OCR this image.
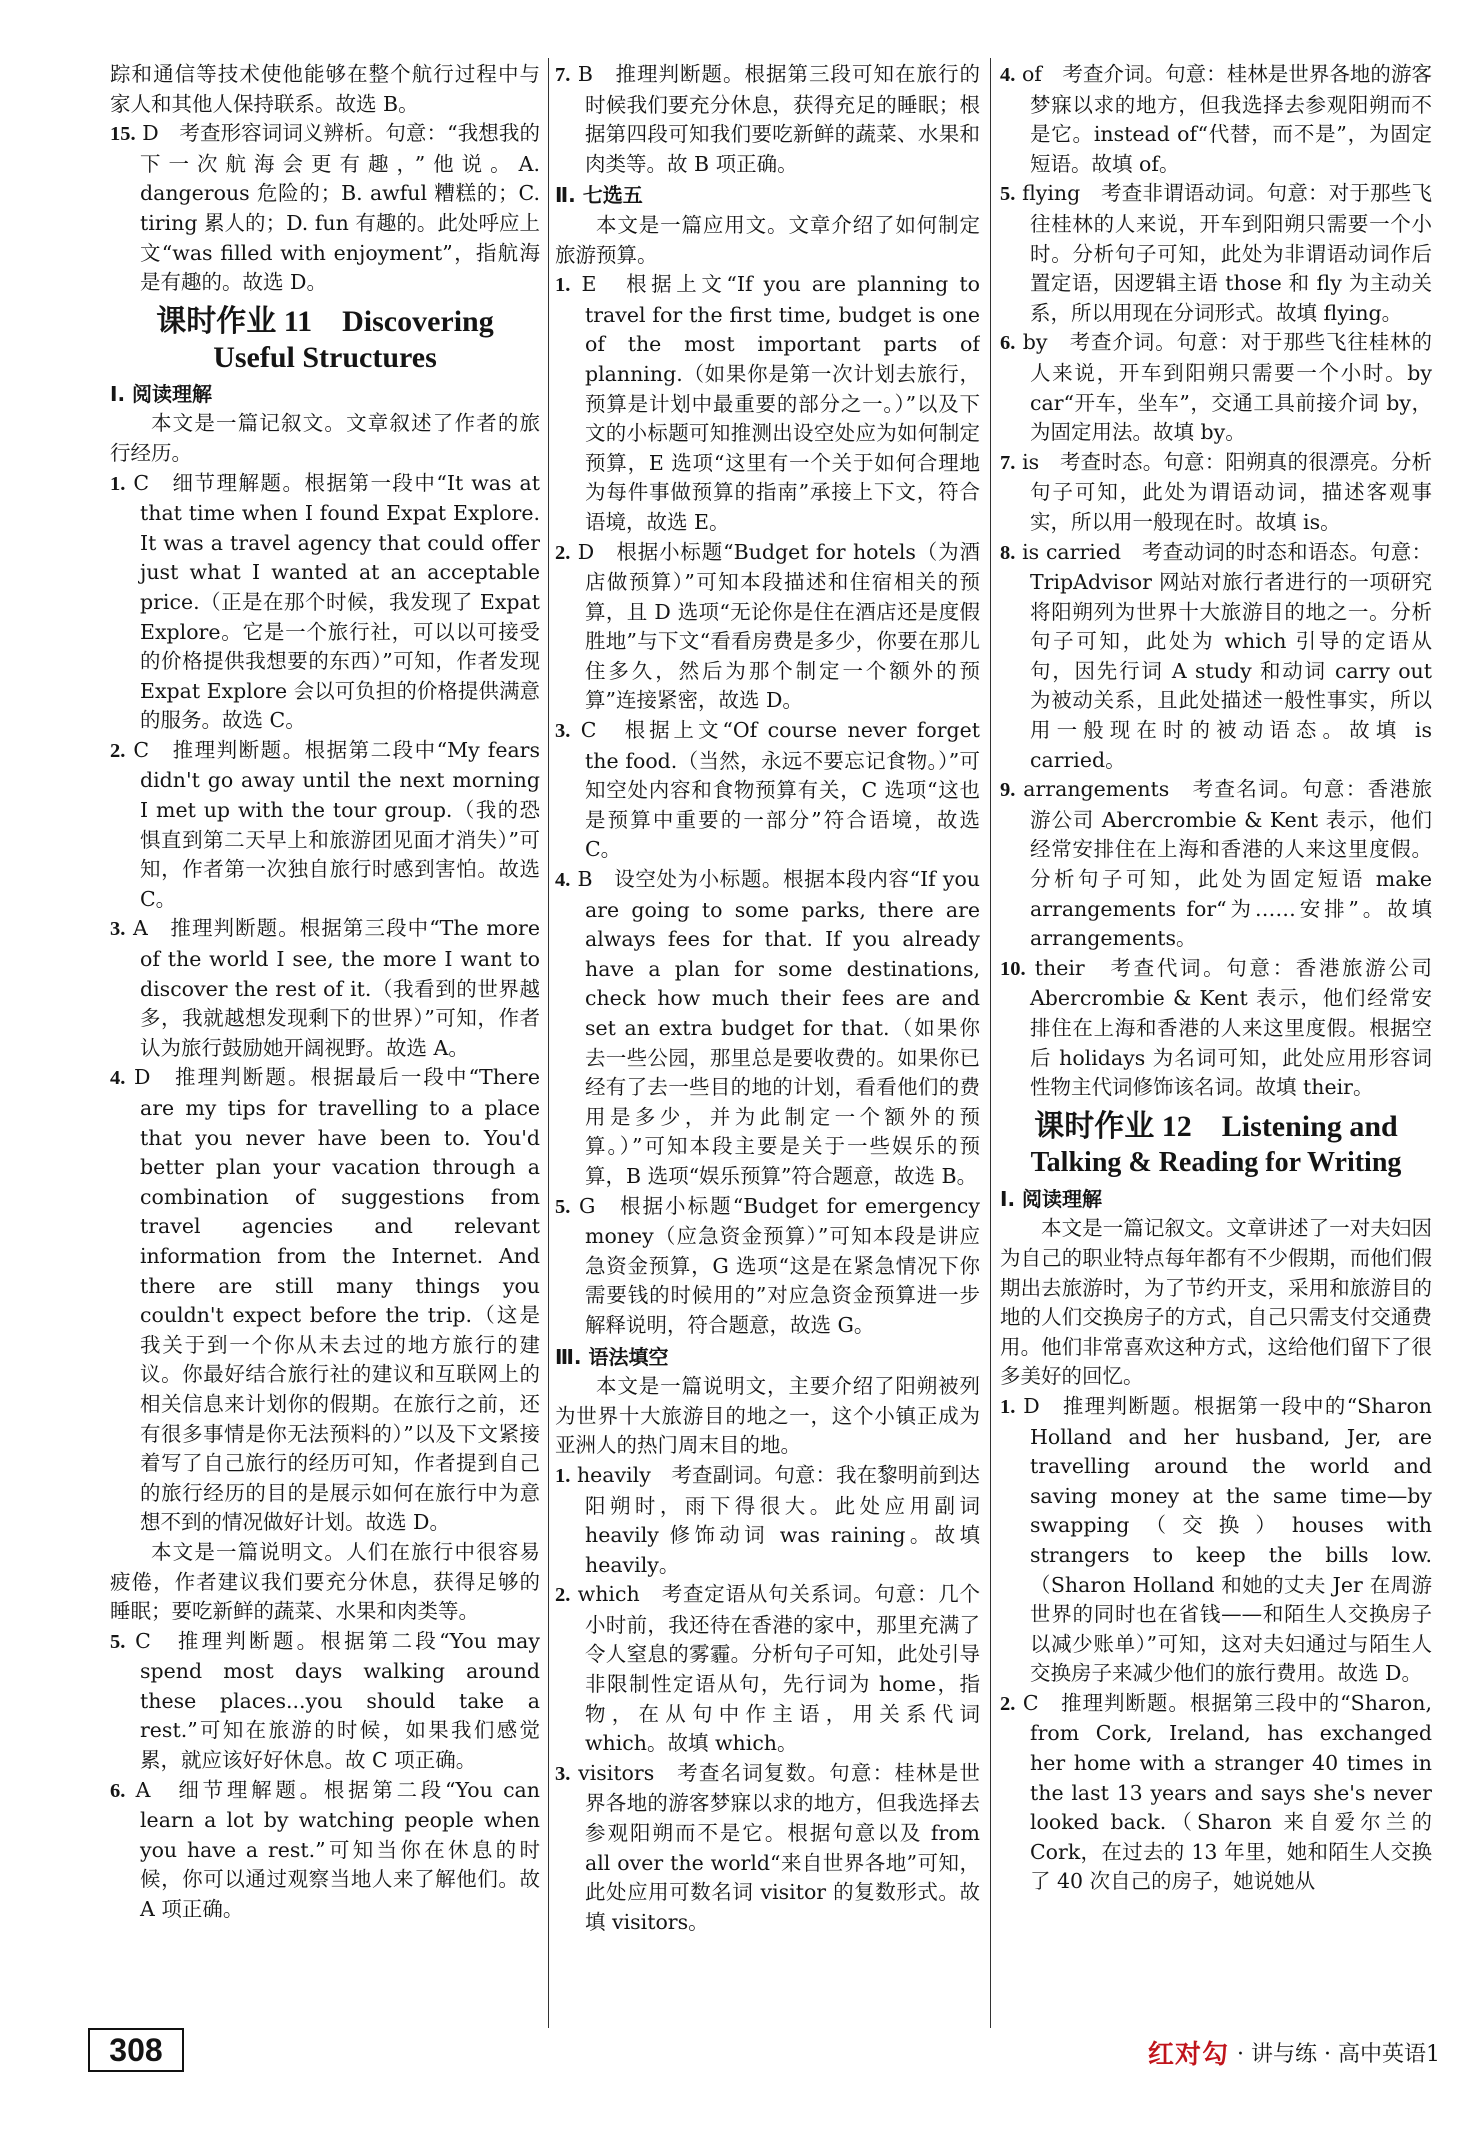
踪和通信等技术使他能够在整个航行过程中与家人和其他人保持联系。故选 B。

15. D　考查形容词词义辨析。句意：“我想我的下一次航海会更有趣，”他说。A. dangerous 危险的；B. awful 糟糕的；C. tiring 累人的；D. fun 有趣的。此处呼应上文“was filled with enjoyment”，指航海是有趣的。故选 D。

课时作业 11　Discovering
Useful Structures

Ⅰ. 阅读理解

本文是一篇记叙文。文章叙述了作者的旅行经历。

1. C　细节理解题。根据第一段中“It was at that time when I found Expat Explore. It was a travel agency that could offer just what I wanted at an acceptable price.（正是在那个时候，我发现了 Expat Explore。它是一个旅行社，可以以可接受的价格提供我想要的东西）”可知，作者发现 Expat Explore 会以可负担的价格提供满意的服务。故选 C。

2. C　推理判断题。根据第二段中“My fears didn't go away until the next morning I met up with the tour group.（我的恐惧直到第二天早上和旅游团见面才消失）”可知，作者第一次独自旅行时感到害怕。故选 C。

3. A　推理判断题。根据第三段中“The more of the world I see, the more I want to discover the rest of it.（我看到的世界越多，我就越想发现剩下的世界）”可知，作者认为旅行鼓励她开阔视野。故选 A。

4. D　推理判断题。根据最后一段中“There are my tips for travelling to a place that you never have been to. You'd better plan your vacation through a combination of suggestions from travel agencies and relevant information from the Internet. And there are still many things you couldn't expect before the trip.（这是我关于到一个你从未去过的地方旅行的建议。你最好结合旅行社的建议和互联网上的相关信息来计划你的假期。在旅行之前，还有很多事情是你无法预料的）”以及下文紧接着写了自己旅行的经历可知，作者提到自己的旅行经历的目的是展示如何在旅行中为意想不到的情况做好计划。故选 D。

本文是一篇说明文。人们在旅行中很容易疲倦，作者建议我们要充分休息，获得足够的睡眠；要吃新鲜的蔬菜、水果和肉类等。

5. C　推理判断题。根据第二段“You may spend most days walking around these places...you should take a rest.”可知在旅游的时候，如果我们感觉累，就应该好好休息。故 C 项正确。

6. A　细节理解题。根据第二段“You can learn a lot by watching people when you have a rest.”可知当你在休息的时候，你可以通过观察当地人来了解他们。故 A 项正确。

7. B　推理判断题。根据第三段可知在旅行的时候我们要充分休息，获得充足的睡眠；根据第四段可知我们要吃新鲜的蔬菜、水果和肉类等。故 B 项正确。

Ⅱ. 七选五

本文是一篇应用文。文章介绍了如何制定旅游预算。

1. E　根据上文“If you are planning to travel for the first time, budget is one of the most important parts of planning.（如果你是第一次计划去旅行，预算是计划中最重要的部分之一。）”以及下文的小标题可知推测出设空处应为如何制定预算，E 选项“这里有一个关于如何合理地为每件事做预算的指南”承接上下文，符合语境，故选 E。

2. D　根据小标题“Budget for hotels（为酒店做预算）”可知本段描述和住宿相关的预算，且 D 选项“无论你是住在酒店还是度假胜地”与下文“看看房费是多少，你要在那儿住多久，然后为那个制定一个额外的预算”连接紧密，故选 D。

3. C　根据上文“Of course never forget the food.（当然，永远不要忘记食物。）”可知空处内容和食物预算有关，C 选项“这也是预算中重要的一部分”符合语境，故选 C。

4. B　设空处为小标题。根据本段内容“If you are going to some parks, there are always fees for that. If you already have a plan for some destinations, check how much their fees are and set an extra budget for that.（如果你去一些公园，那里总是要收费的。如果你已经有了去一些目的地的计划，看看他们的费用是多少，并为此制定一个额外的预算。）”可知本段主要是关于一些娱乐的预算，B 选项“娱乐预算”符合题意，故选 B。

5. G　根据小标题“Budget for emergency money（应急资金预算）”可知本段是讲应急资金预算，G 选项“这是在紧急情况下你需要钱的时候用的”对应急资金预算进一步解释说明，符合题意，故选 G。

Ⅲ. 语法填空

本文是一篇说明文，主要介绍了阳朔被列为世界十大旅游目的地之一，这个小镇正成为亚洲人的热门周末目的地。

1. heavily　考查副词。句意：我在黎明前到达阳朔时，雨下得很大。此处应用副词 heavily 修饰动词 was raining。故填 heavily。

2. which　考查定语从句关系词。句意：几个小时前，我还待在香港的家中，那里充满了令人窒息的雾霾。分析句子可知，此处引导非限制性定语从句，先行词为 home，指物，在从句中作主语，用关系代词 which。故填 which。

3. visitors　考查名词复数。句意：桂林是世界各地的游客梦寐以求的地方，但我选择去参观阳朔而不是它。根据句意以及 from all over the world“来自世界各地”可知，此处应用可数名词 visitor 的复数形式。故填 visitors。

4. of　考查介词。句意：桂林是世界各地的游客梦寐以求的地方，但我选择去参观阳朔而不是它。instead of“代替，而不是”，为固定短语。故填 of。

5. flying　考查非谓语动词。句意：对于那些飞往桂林的人来说，开车到阳朔只需要一个小时。分析句子可知，此处为非谓语动词作后置定语，因逻辑主语 those 和 fly 为主动关系，所以用现在分词形式。故填 flying。

6. by　考查介词。句意：对于那些飞往桂林的人来说，开车到阳朔只需要一个小时。by car“开车，坐车”，交通工具前接介词 by，为固定用法。故填 by。

7. is　考查时态。句意：阳朔真的很漂亮。分析句子可知，此处为谓语动词，描述客观事实，所以用一般现在时。故填 is。

8. is carried　考查动词的时态和语态。句意：TripAdvisor 网站对旅行者进行的一项研究将阳朔列为世界十大旅游目的地之一。分析句子可知，此处为 which 引导的定语从句，因先行词 A study 和动词 carry out 为被动关系，且此处描述一般性事实，所以用一般现在时的被动语态。故填 is carried。

9. arrangements　考查名词。句意：香港旅游公司 Abercrombie & Kent 表示，他们经常安排住在上海和香港的人来这里度假。分析句子可知，此处为固定短语 make arrangements for“为……安排”。故填 arrangements。

10. their　考查代词。句意：香港旅游公司 Abercrombie & Kent 表示，他们经常安排住在上海和香港的人来这里度假。根据空后 holidays 为名词可知，此处应用形容词性物主代词修饰该名词。故填 their。

课时作业 12　Listening and
Talking & Reading for Writing

Ⅰ. 阅读理解

本文是一篇记叙文。文章讲述了一对夫妇因为自己的职业特点每年都有不少假期，而他们假期出去旅游时，为了节约开支，采用和旅游目的地的人们交换房子的方式，自己只需支付交通费用。他们非常喜欢这种方式，这给他们留下了很多美好的回忆。

1. D　推理判断题。根据第一段中的“Sharon Holland and her husband, Jer, are travelling around the world and saving money at the same time—by swapping（交换）houses with strangers to keep the bills low.（Sharon Holland 和她的丈夫 Jer 在周游世界的同时也在省钱——和陌生人交换房子以减少账单）”可知，这对夫妇通过与陌生人交换房子来减少他们的旅行费用。故选 D。

2. C　推理判断题。根据第三段中的“Sharon, from Cork, Ireland, has exchanged her home with a stranger 40 times in the last 13 years and says she's never looked back.（Sharon 来自爱尔兰的 Cork，在过去的 13 年里，她和陌生人交换了 40 次自己的房子，她说她从

308	红对勾 · 讲与练 · 高中英语1
